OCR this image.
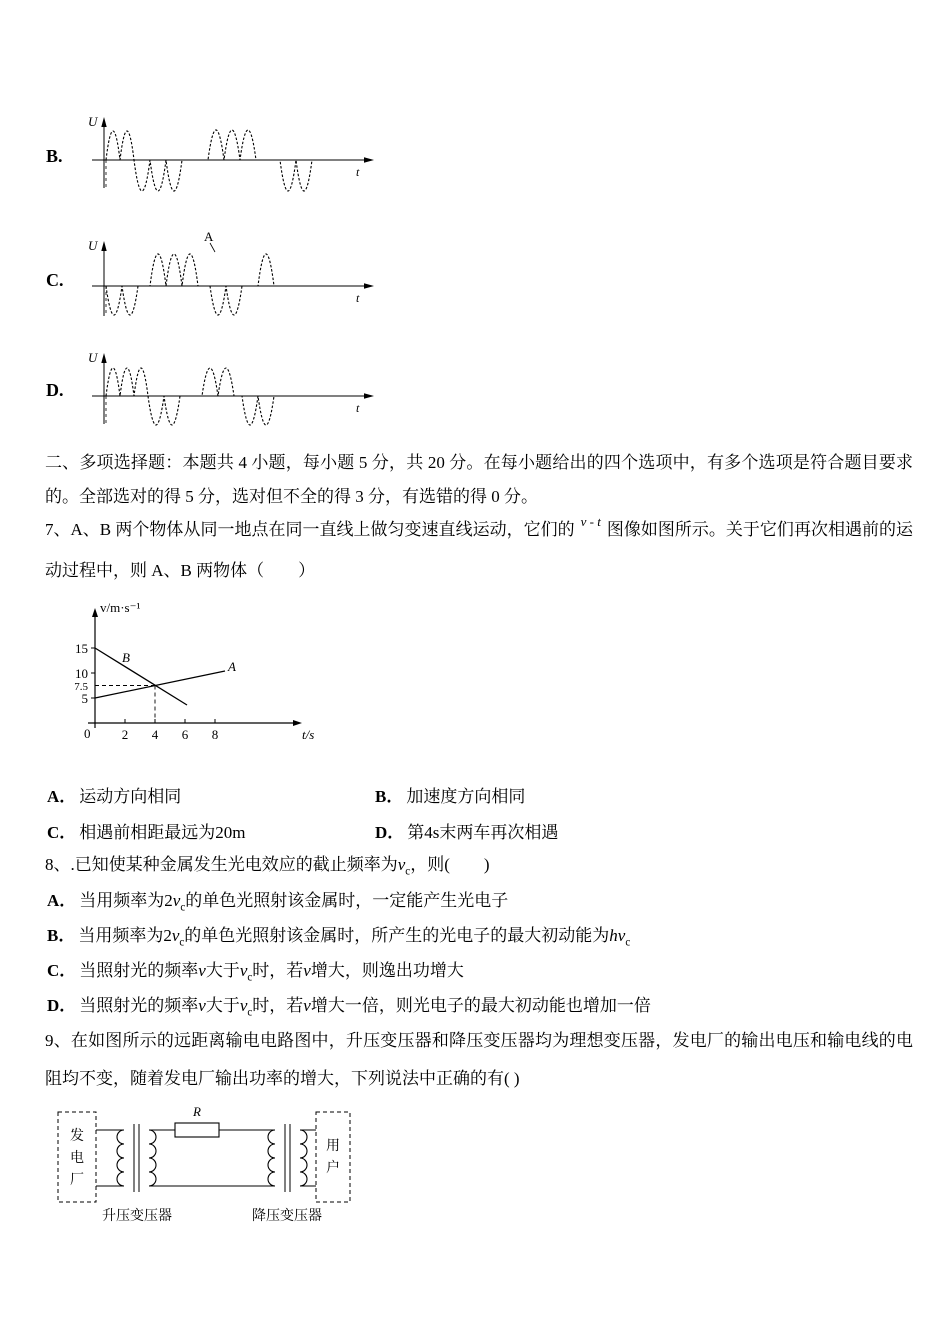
B.
U
t
C.
U
t
A
D.
U
t
二、多项选择题：本题共 4 小题，每小题 5 分，共 20 分。在每小题给出的四个选项中，有多个选项是符合题目要求的。全部选对的得 5 分，选对但不全的得 3 分，有选错的得 0 分。
7、A、B 两个物体从同一地点在同一直线上做匀变速直线运动，它们的 v - t 图像如图所示。关于它们再次相遇前的运动过程中，则 A、B 两物体（　　）
v/m·s⁻¹
t/s
0
15
10
7.5
5
2 4 6 8
B
A
A． 运动方向相同	B． 加速度方向相同
C． 相遇前相距最远为20m	D． 第4s末两车再次相遇
8、.已知使某种金属发生光电效应的截止频率为$v_c$，则(　　)
A． 当用频率为$2v_c$的单色光照射该金属时，一定能产生光电子
B． 当用频率为$2v_c$的单色光照射该金属时，所产生的光电子的最大初动能为$hv_c$
C． 当照射光的频率v大于$v_c$时，若v增大，则逸出功增大
D． 当照射光的频率v大于$v_c$时，若v增大一倍，则光电子的最大初动能也增加一倍
9、在如图所示的远距离输电电路图中，升压变压器和降压变压器均为理想变压器，发电厂的输出电压和输电线的电阻均不变，随着发电厂输出功率的增大，下列说法中正确的有( )
发
电
厂
R
用
户
升压变压器	降压变压器
